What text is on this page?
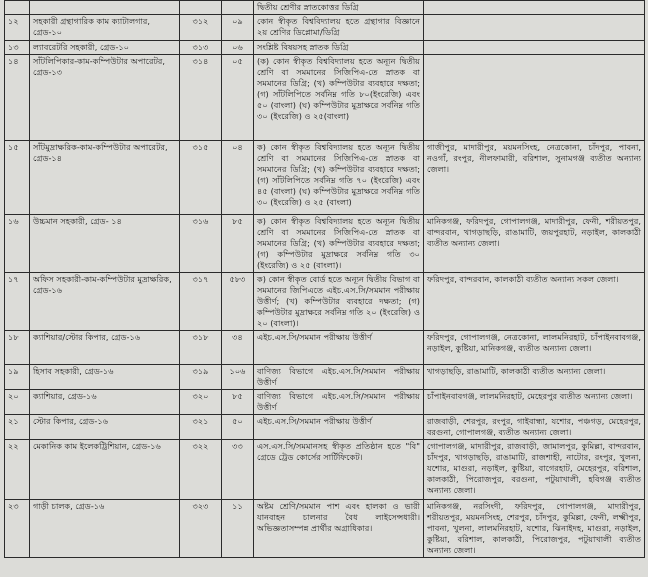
				দ্বিতীয় শ্রেণীর স্নাতকোত্তর ডিগ্রি	
১২	সহকারী গ্রন্থাগারিক কাম ক্যাটালগার, গ্রেড-১০	৩১২	০৯	কোন স্বীকৃত বিশ্ববিদ্যালয় হতে গ্রন্থাগার বিজ্ঞানে ২য় শ্রেণির ডিপ্লোমা/ডিগ্রি	
১৩	ল্যাবরেটরি সহকারী, গ্রেড-১০	৩১৩	০৬	সংশ্লিষ্ট বিষয়সহ স্নাতক ডিগ্রি	
১৪	সাঁটলিপিকার-কাম-কম্পিউটার অপারেটর, গ্রেড-১৩	৩১৪	০৫	(ক) কোন স্বীকৃত বিশ্ববিদ্যালয় হতে অন্যূন দ্বিতীয় শ্রেণি বা সমমানের সিজিপিএ-তে স্নাতক বা সমমানের ডিগ্রি; (খ) কম্পিউটার ব্যবহারে দক্ষতা; (গ) সাঁটলিপিতে সর্বনিম্ন গতি ৮০(ইংরেজি) এবং ৫০ (বাংলা) (ঘ) কম্পিউটার মুদ্রাক্ষরে সর্বনিম্ন গতি ৩০ (ইংরেজি) ও ২৫(বাংলা)	
১৫	সাঁটমুদ্রাক্ষরিক-কাম-কম্পিউটার অপারেটর, গ্রেড-১৪	৩১৫	০৪	ক) কোন স্বীকৃত বিশ্ববিদ্যালয় হতে অন্যূন দ্বিতীয় শ্রেণি বা সমমানের সিজিপিএ-তে স্নাতক বা সমমানের ডিগ্রি; (খ) কম্পিউটার ব্যবহারে দক্ষতা; (গ) সাঁটলিপিতে সর্বনিম্ন গতি ৭০ (ইংরেজি) এবং ৪৫ (বাংলা) (ঘ) কম্পিউটার মুদ্রাক্ষরে সর্বনিম্ন গতি ৩০ (ইংরেজি) ও ২৫ (বাংলা)	গাজীপুর, মাদারীপুর, ময়মনসিংহ, নেত্রকোনা, চাঁদপুর, পাবনা, নওগাঁ, রংপুর, নীলফামারী, বরিশাল, সুনামগঞ্জ ব্যতীত অন্যান্য জেলা।
১৬	উচ্চমান সহকারী, গ্রেড- ১৪	৩১৬	৮৫	ক) কোন স্বীকৃত বিশ্ববিদ্যালয় হতে অন্যূন দ্বিতীয় শ্রেণি বা সমমানের সিজিপিএ-তে স্নাতক বা সমমানের ডিগ্রি; (খ) কম্পিউটার ব্যবহারে দক্ষতা;(গ) কম্পিউটার মুদ্রাক্ষরে সর্বনিম্ন গতি ৩০ (ইংরেজি) ও ২৫ (বাংলা)।	মানিকগঞ্জ, ফরিদপুর, গোপালগঞ্জ, মাদারীপুর, ফেনী, শরীয়তপুর, বান্দরবান, খাগড়াছড়ি, রাঙামাটি, জয়পুরহাট, নড়াইল, কালকাঠী ব্যতীত অন্যান্য জেলা।
১৭	অফিস সহকারী-কাম-কম্পিউটার মুদ্রাক্ষরিক, গ্রেড-১৬	৩১৭	৫৮৩	ক) কোন স্বীকৃত বোর্ড হতে অন্যূন দ্বিতীয় বিভাগ বা সমমানের জিপিএতে এইচ.এস.সি/সমমান পরীক্ষায় উত্তীর্ণ; (খ) কম্পিউটার ব্যবহারে দক্ষতা; (গ) কম্পিউটার মুদ্রাক্ষরে সর্বনিম্ন গতি ২০ (ইংরেজি) ও ২০ (বাংলা)।	ফরিদপুর, বান্দরবান, কালকাঠী ব্যতীত অন্যান্য সকল জেলা।
১৮	ক্যাশিয়ার/স্টোর কিপার, গ্রেড-১৬	৩১৮	৩৪	এইচ.এস.সি/সমমান পরীক্ষায় উত্তীর্ণ	ফরিদপুর, গোপালগঞ্জ, নেত্রকোনা, লালমনিরহাট, চাঁপাইনবাবগঞ্জ, নড়াইল, কুষ্টিয়া, মানিকগঞ্জ, ব্যতীত অন্যান্য জেলা।
১৯	হিসাব সহকারী, গ্রেড-১৬	৩১৯	১০৬	বাণিজ্য বিভাগে এইচ.এস.সি/সমমান পরীক্ষায় উত্তীর্ণ	খাগড়াছড়ি, রাঙামাটি, কালকাঠী ব্যতীত অন্যান্য জেলা।
২০	ক্যাশিয়ার, গ্রেড-১৬	৩২০	৮৫	বাণিজ্য বিভাগে এইচ.এস.সি/সমমান পরীক্ষায় উত্তীর্ণ	চাঁপাইনবাবগঞ্জ, লালমনিরহাট, মেহেরপুর ব্যতীত অন্যান্য জেলা।
২১	স্টোর কিপার, গ্রেড-১৬	৩২১	৫০	এইচ.এস.সি/সমমান পরীক্ষায় উত্তীর্ণ	রাজবাড়ী, শেরপুর, রংপুর, গাইবান্ধা, যশোর, পঞ্চগড়, মেহেরপুর, বরগুনা, গোপালগঞ্জ, ব্যতীত অন্যান্য জেলা।
২২	মেকানিক কাম ইলেকট্রিশিয়ান, গ্রেড-১৬	৩২২	৩৩	এস.এস.সি/সমমানসহ স্বীকৃত প্রতিষ্ঠান হতে "বি" গ্রেডে ট্রেড কোর্সের সার্টিফিকেট।	গোপালগঞ্জ, মাদারীপুর, রাজবাড়ী, জামালপুর, কুমিল্লা, বান্দরবান, চাঁদপুর, খাগড়াছড়ি, রাঙামাটি, রাজশাহী, নাটোর, রংপুর, খুলনা, যশোর, মাগুরা, নড়াইল, কুষ্টিয়া, বাগেরহাট, মেহেরপুর, বরিশাল, কালকাঠী, পিরোজপুর, বরগুনা, পটুয়াখালী, হবিগঞ্জ ব্যতীত অন্যান্য জেলা।
২৩	গাড়ী চালক, গ্রেড-১৬	৩২৩	১১	অষ্টম শ্রেণি/সমমান পাশ এবং হালকা ও ভারী যানবাহন চালনার বৈধ লাইসেন্সধারী। অভিজ্ঞতাসম্পন্ন প্রার্থীর অগ্রাধিকার।	মানিকগঞ্জ, নরসিংদী, ফরিদপুর, গোপালগঞ্জ, মাদারীপুর, শরীয়তপুর, ময়মনসিংহ, শেরপুর, চাঁদপুর, কুমিল্লা, ফেনী, লক্ষ্মীপুর, পাবনা, খুলনা, লালমনিরহাট, যশোর, ঝিনাইদহ, মাগুরা, নড়াইল, কুষ্টিয়া, বরিশাল, কালকাঠী, পিরোজপুর, পটুয়াখালী ব্যতীত অন্যান্য জেলা।
